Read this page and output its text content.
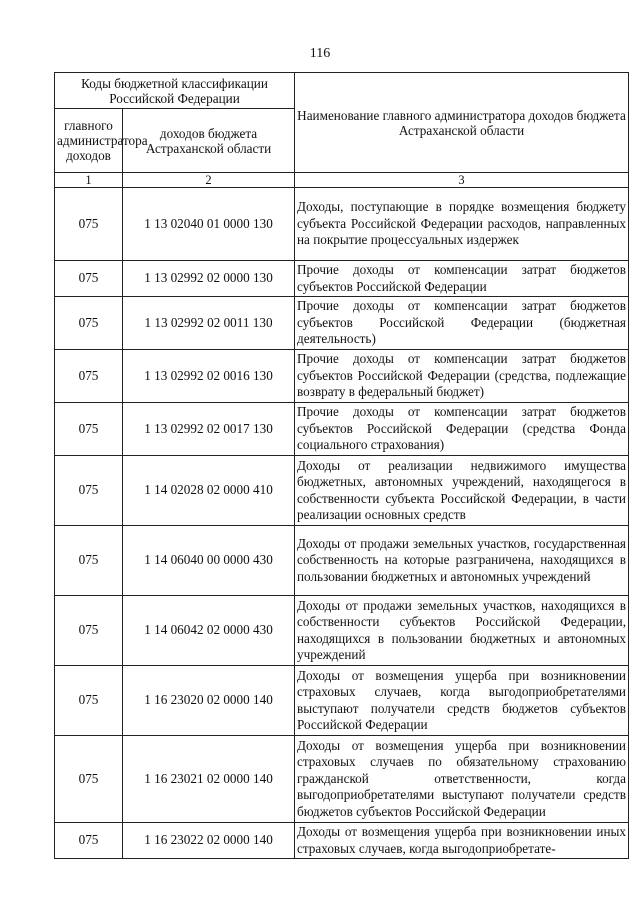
116
Коды бюджетной классификации Российской Федерации		Наименование главного администратора доходов бюджета Астраханской области
главного администратора доходов	доходов бюджета Астраханской области	
1	2	3
075	1 13 02040 01 0000 130	Доходы, поступающие в порядке возмещения бюджету субъекта Российской Федерации расходов, направленных на покрытие процессуальных издержек
075	1 13 02992 02 0000 130	Прочие доходы от компенсации затрат бюджетов субъектов Российской Федерации
075	1 13 02992 02 0011 130	Прочие доходы от компенсации затрат бюджетов субъектов Российской Федерации (бюджетная деятельность)
075	1 13 02992 02 0016 130	Прочие доходы от компенсации затрат бюджетов субъектов Российской Федерации (средства, подлежащие возврату в федеральный бюджет)
075	1 13 02992 02 0017 130	Прочие доходы от компенсации затрат бюджетов субъектов Российской Федерации (средства Фонда социального страхования)
075	1 14 02028 02 0000 410	Доходы от реализации недвижимого имущества бюджетных, автономных учреждений, находящегося в собственности субъекта Российской Федерации, в части реализации основных средств
075	1 14 06040 00 0000 430	Доходы от продажи земельных участков, государственная собственность на которые разграничена, находящихся в пользовании бюджетных и автономных учреждений
075	1 14 06042 02 0000 430	Доходы от продажи земельных участков, находящихся в собственности субъектов Российской Федерации, находящихся в пользовании бюджетных и автономных учреждений
075	1 16 23020 02 0000 140	Доходы от возмещения ущерба при возникновении страховых случаев, когда выгодоприобретателями выступают получатели средств бюджетов субъектов Российской Федерации
075	1 16 23021 02 0000 140	Доходы от возмещения ущерба при возникновении страховых случаев по обязательному страхованию гражданской ответственности, когда выгодоприобретателями выступают получатели средств бюджетов субъектов Российской Федерации
075	1 16 23022 02 0000 140	Доходы от возмещения ущерба при возникновении иных страховых случаев, когда выгодоприобретате-
